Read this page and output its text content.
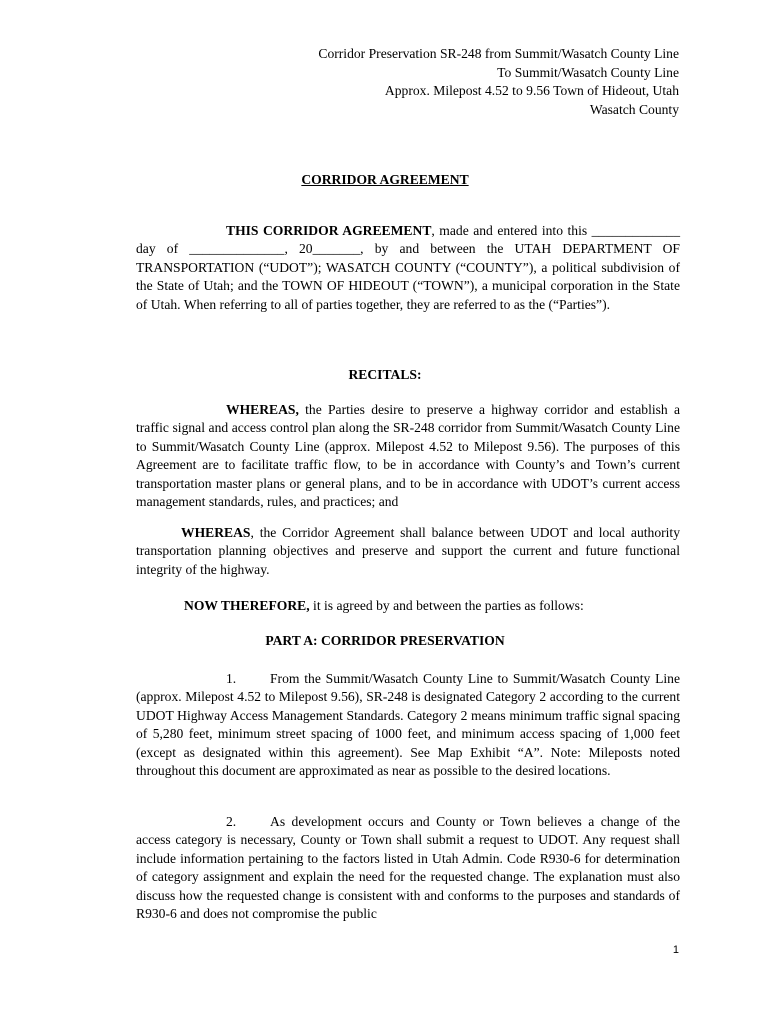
Corridor Preservation SR-248 from Summit/Wasatch County Line
To Summit/Wasatch County Line
Approx. Milepost 4.52 to 9.56 Town of Hideout, Utah
Wasatch County
CORRIDOR AGREEMENT

THIS CORRIDOR AGREEMENT, made and entered into this _____________ day of ______________, 20_______, by and between the UTAH DEPARTMENT OF TRANSPORTATION (“UDOT”); WASATCH COUNTY (“COUNTY”), a political subdivision of the State of Utah; and the TOWN OF HIDEOUT (“TOWN”), a municipal corporation in the State of Utah. When referring to all of parties together, they are referred to as the (“Parties”).

RECITALS:

WHEREAS, the Parties desire to preserve a highway corridor and establish a traffic signal and access control plan along the SR-248 corridor from Summit/Wasatch County Line to Summit/Wasatch County Line (approx. Milepost 4.52 to Milepost 9.56). The purposes of this Agreement are to facilitate traffic flow, to be in accordance with County’s and Town’s current transportation master plans or general plans, and to be in accordance with UDOT’s current access management standards, rules, and practices; and

WHEREAS, the Corridor Agreement shall balance between UDOT and local authority transportation planning objectives and preserve and support the current and future functional integrity of the highway.

NOW THEREFORE, it is agreed by and between the parties as follows:

PART A: CORRIDOR PRESERVATION

1. From the Summit/Wasatch County Line to Summit/Wasatch County Line (approx. Milepost 4.52 to Milepost 9.56), SR-248 is designated Category 2 according to the current UDOT Highway Access Management Standards. Category 2 means minimum traffic signal spacing of 5,280 feet, minimum street spacing of 1000 feet, and minimum access spacing of 1,000 feet (except as designated within this agreement). See Map Exhibit “A”. Note: Mileposts noted throughout this document are approximated as near as possible to the desired locations.

2. As development occurs and County or Town believes a change of the access category is necessary, County or Town shall submit a request to UDOT. Any request shall include information pertaining to the factors listed in Utah Admin. Code R930-6 for determination of category assignment and explain the need for the requested change. The explanation must also discuss how the requested change is consistent with and conforms to the purposes and standards of R930-6 and does not compromise the public

1
